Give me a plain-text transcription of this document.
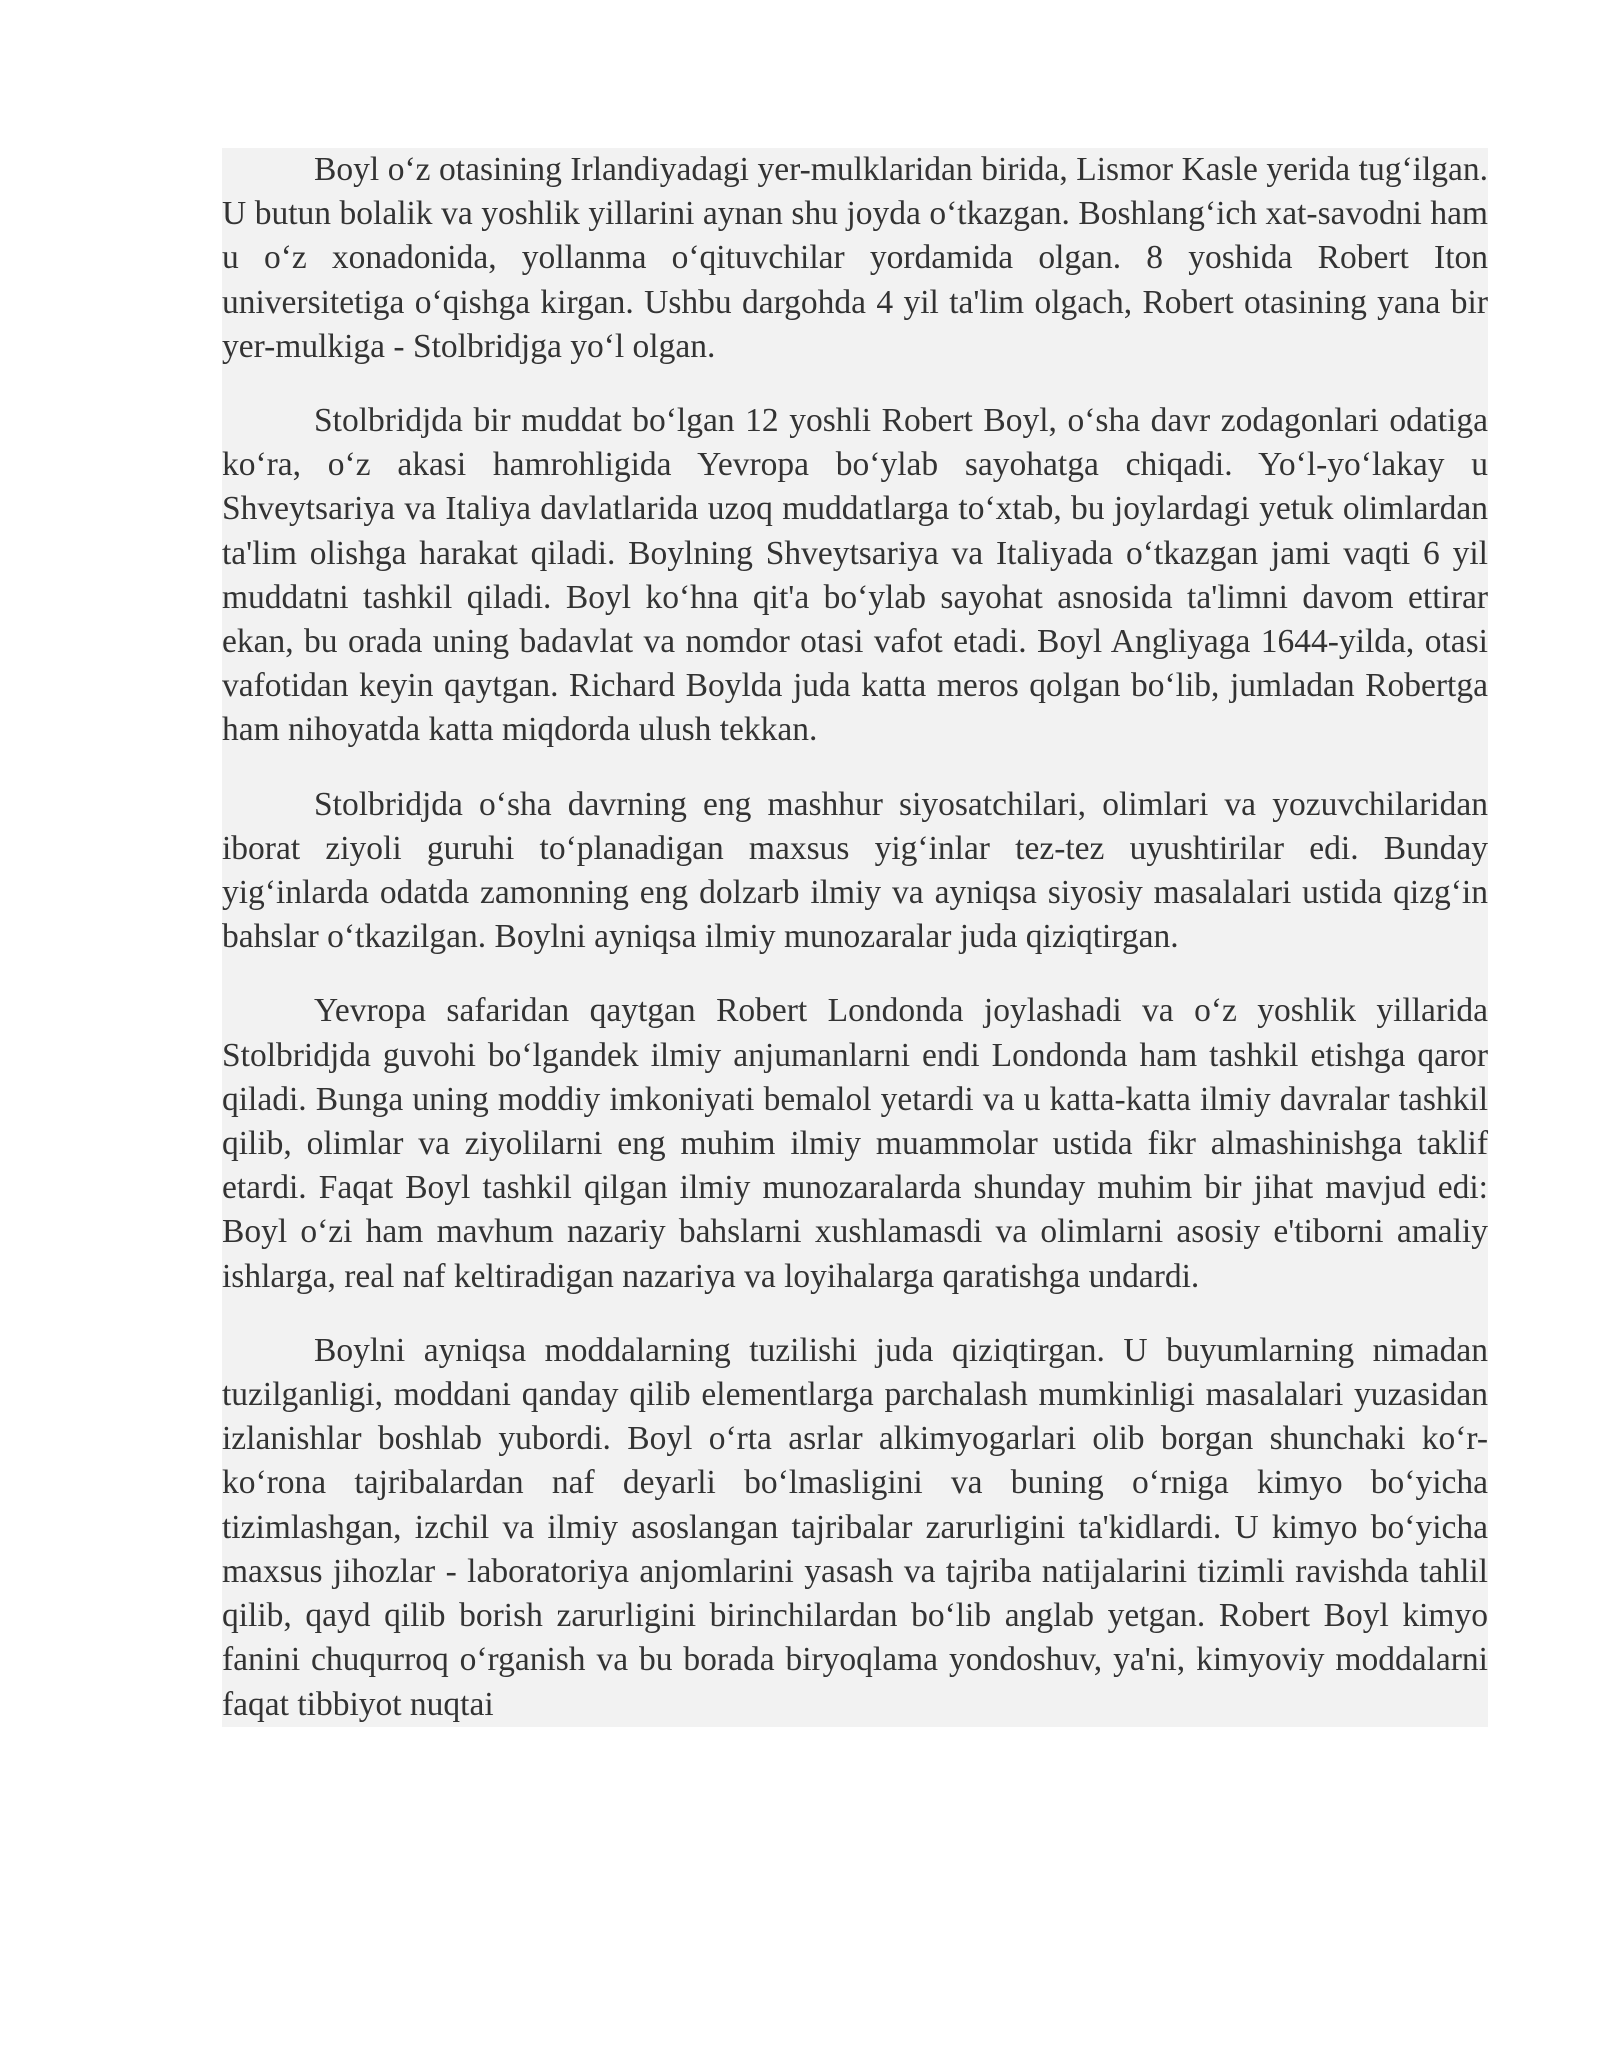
Boyl o‘z otasining Irlandiyadagi yer-mulklaridan birida, Lismor Kasle yerida tug‘ilgan. U butun bolalik va yoshlik yillarini aynan shu joyda o‘tkazgan. Boshlang‘ich xat-savodni ham u o‘z xonadonida, yollanma o‘qituvchilar yordamida olgan. 8 yoshida Robert Iton universitetiga o‘qishga kirgan. Ushbu dargohda 4 yil ta'lim olgach, Robert otasining yana bir yer-mulkiga - Stolbridjga yo‘l olgan.

Stolbridjda bir muddat bo‘lgan 12 yoshli Robert Boyl, o‘sha davr zodagonlari odatiga ko‘ra, o‘z akasi hamrohligida Yevropa bo‘ylab sayohatga chiqadi. Yo‘l-yo‘lakay u Shveytsariya va Italiya davlatlarida uzoq muddatlarga to‘xtab, bu joylardagi yetuk olimlardan ta'lim olishga harakat qiladi. Boylning Shveytsariya va Italiyada o‘tkazgan jami vaqti 6 yil muddatni tashkil qiladi. Boyl ko‘hna qit'a bo‘ylab sayohat asnosida ta'limni davom ettirar ekan, bu orada uning badavlat va nomdor otasi vafot etadi. Boyl Angliyaga 1644-yilda, otasi vafotidan keyin qaytgan. Richard Boylda juda katta meros qolgan bo‘lib, jumladan Robertga ham nihoyatda katta miqdorda ulush tekkan.

Stolbridjda o‘sha davrning eng mashhur siyosatchilari, olimlari va yozuvchilaridan iborat ziyoli guruhi to‘planadigan maxsus yig‘inlar tez-tez uyushtirilar edi. Bunday yig‘inlarda odatda zamonning eng dolzarb ilmiy va ayniqsa siyosiy masalalari ustida qizg‘in bahslar o‘tkazilgan. Boylni ayniqsa ilmiy munozaralar juda qiziqtirgan.

Yevropa safaridan qaytgan Robert Londonda joylashadi va o‘z yoshlik yillarida Stolbridjda guvohi bo‘lgandek ilmiy anjumanlarni endi Londonda ham tashkil etishga qaror qiladi. Bunga uning moddiy imkoniyati bemalol yetardi va u katta-katta ilmiy davralar tashkil qilib, olimlar va ziyolilarni eng muhim ilmiy muammolar ustida fikr almashinishga taklif etardi. Faqat Boyl tashkil qilgan ilmiy munozaralarda shunday muhim bir jihat mavjud edi: Boyl o‘zi ham mavhum nazariy bahslarni xushlamasdi va olimlarni asosiy e'tiborni amaliy ishlarga, real naf keltiradigan nazariya va loyihalarga qaratishga undardi.

Boylni ayniqsa moddalarning tuzilishi juda qiziqtirgan. U buyumlarning nimadan tuzilganligi, moddani qanday qilib elementlarga parchalash mumkinligi masalalari yuzasidan izlanishlar boshlab yubordi. Boyl o‘rta asrlar alkimyogarlari olib borgan shunchaki ko‘r-ko‘rona tajribalardan naf deyarli bo‘lmasligini va buning o‘rniga kimyo bo‘yicha tizimlashgan, izchil va ilmiy asoslangan tajribalar zarurligini ta'kidlardi. U kimyo bo‘yicha maxsus jihozlar - laboratoriya anjomlarini yasash va tajriba natijalarini tizimli ravishda tahlil qilib, qayd qilib borish zarurligini birinchilardan bo‘lib anglab yetgan. Robert Boyl kimyo fanini chuqurroq o‘rganish va bu borada biryoqlama yondoshuv, ya'ni, kimyoviy moddalarni faqat tibbiyot nuqtai
